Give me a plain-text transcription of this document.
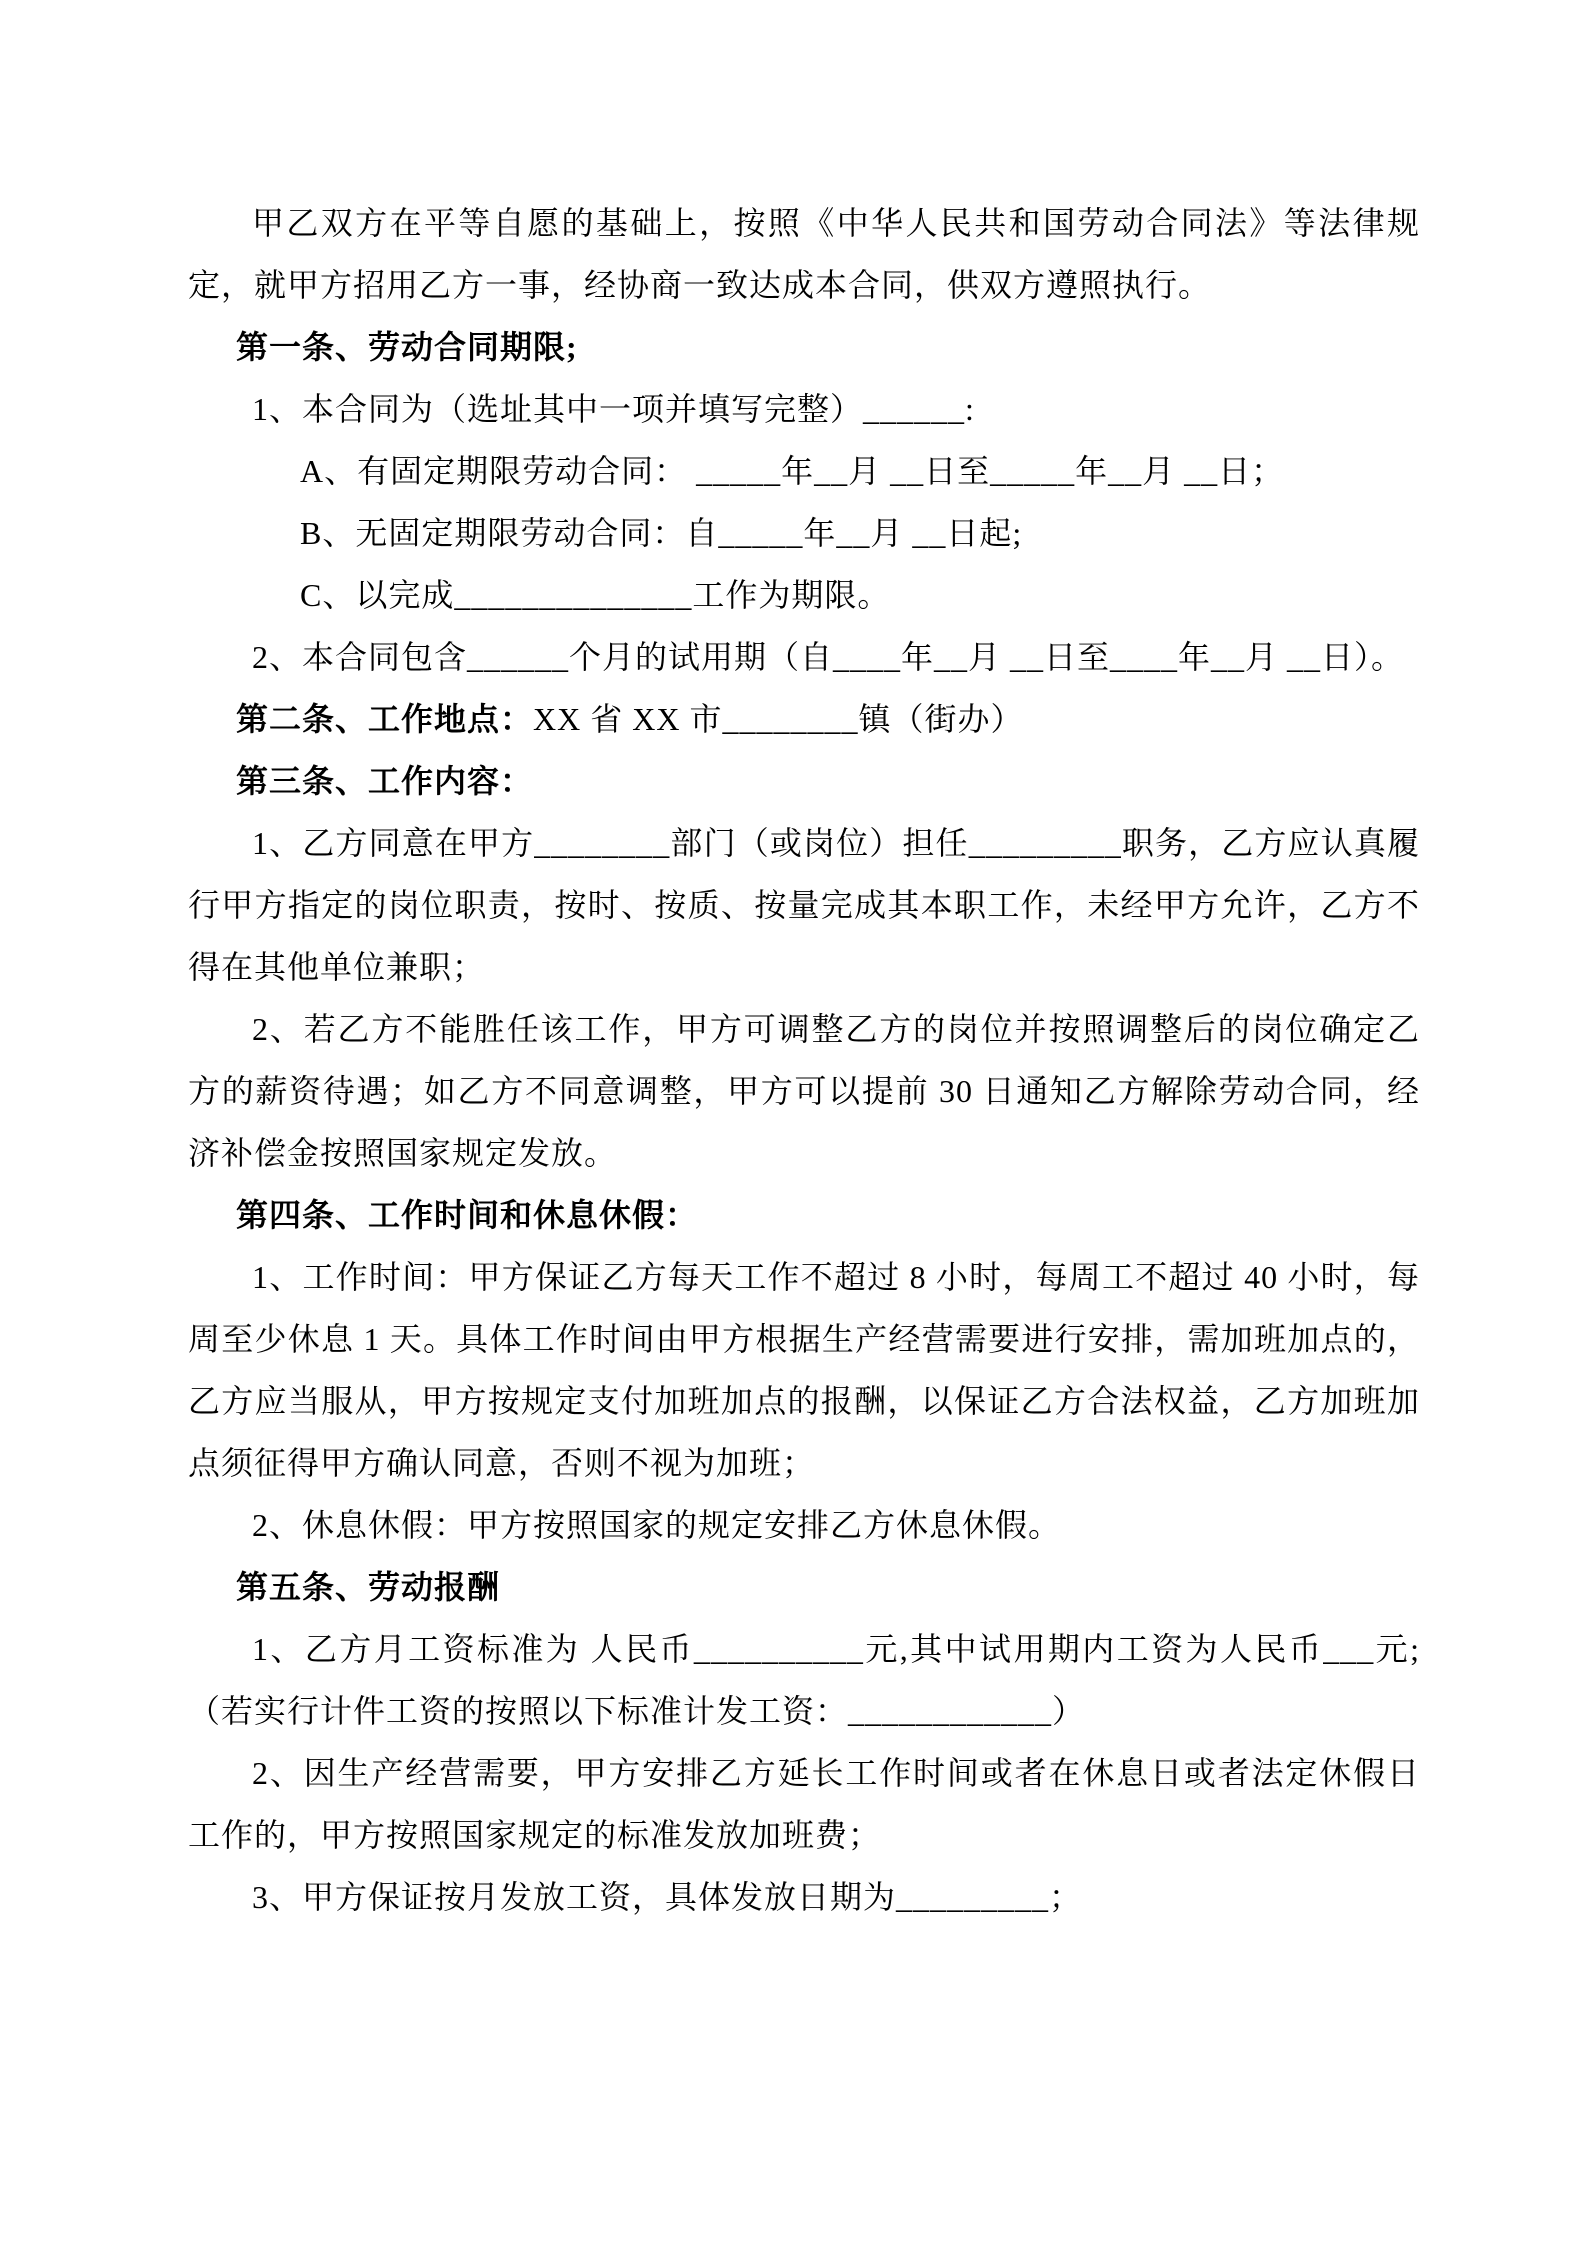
甲乙双方在平等自愿的基础上，按照《中华人民共和国劳动合同法》等法律规定，就甲方招用乙方一事，经协商一致达成本合同，供双方遵照执行。

第一条、劳动合同期限;

1、本合同为（选址其中一项并填写完整）______:

A、有固定期限劳动合同： _____年__月 __日至_____年__月 __日；

B、无固定期限劳动合同：自_____年__月 __日起;

C、以完成______________工作为期限。

2、本合同包含______个月的试用期（自____年__月 __日至____年__月 __日）。

第二条、工作地点：XX 省 XX 市________镇（街办）

第三条、工作内容：

1、乙方同意在甲方________部门（或岗位）担任_________职务，乙方应认真履行甲方指定的岗位职责，按时、按质、按量完成其本职工作，未经甲方允许，乙方不得在其他单位兼职；

2、若乙方不能胜任该工作，甲方可调整乙方的岗位并按照调整后的岗位确定乙方的薪资待遇；如乙方不同意调整，甲方可以提前 30 日通知乙方解除劳动合同，经济补偿金按照国家规定发放。

第四条、工作时间和休息休假：

1、工作时间：甲方保证乙方每天工作不超过 8 小时，每周工不超过 40 小时，每周至少休息 1 天。具体工作时间由甲方根据生产经营需要进行安排，需加班加点的，乙方应当服从，甲方按规定支付加班加点的报酬，以保证乙方合法权益，乙方加班加点须征得甲方确认同意，否则不视为加班；

2、休息休假：甲方按照国家的规定安排乙方休息休假。

第五条、劳动报酬

1、乙方月工资标准为 人民币__________元,其中试用期内工资为人民币___元;（若实行计件工资的按照以下标准计发工资：____________）

2、因生产经营需要，甲方安排乙方延长工作时间或者在休息日或者法定休假日工作的，甲方按照国家规定的标准发放加班费；

3、甲方保证按月发放工资，具体发放日期为_________；
